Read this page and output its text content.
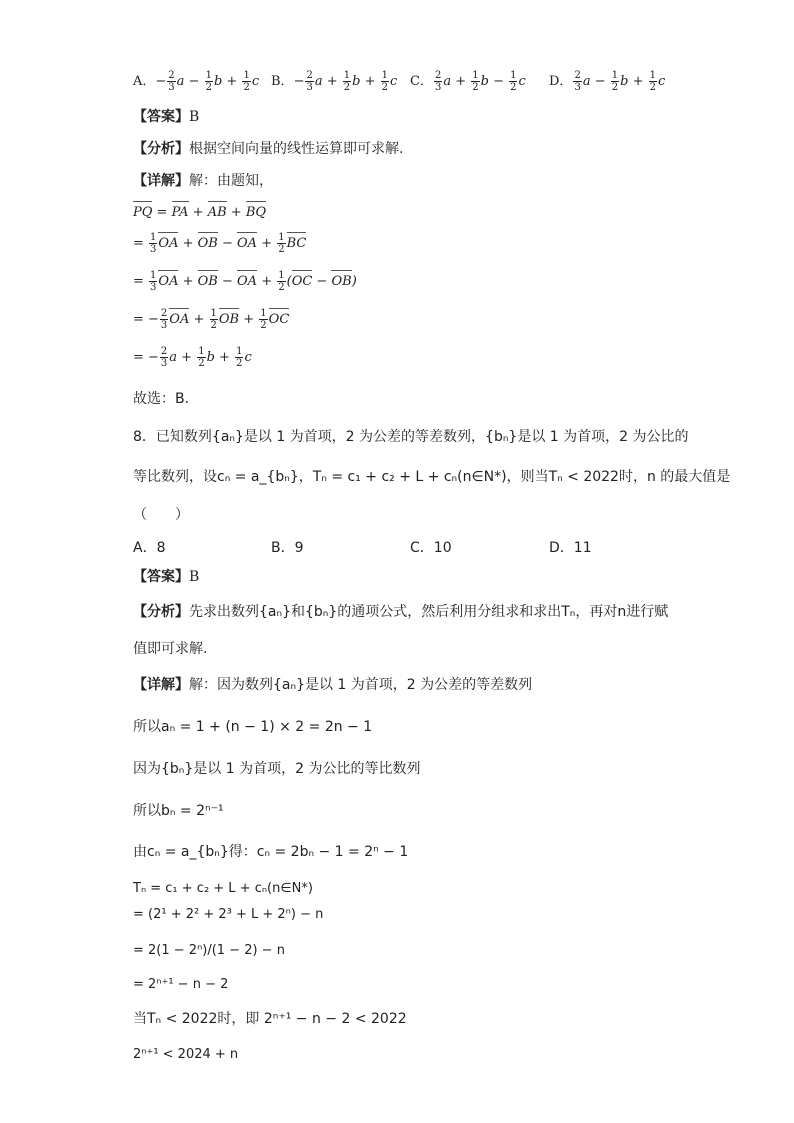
A．− $\frac{2}{3}$ $a - \frac{1}{2}$ $b + \frac{1}{2}$ c B．− $\frac{2}{3}$ $a + \frac{1}{2}$ $b + \frac{1}{2}$ c C． $\frac{2}{3}$ $a + \frac{1}{2}$ $b - \frac{1}{2}$ c D． $\frac{2}{3}$ $a - \frac{1}{2}$ $b + \frac{1}{2}$ c
【答案】B
【分析】根据空间向量的线性运算即可求解.
【详解】解：由题知，
PQ = PA + AB + BQ
= $\frac{1}{3}$ OA + OB − OA + $\frac{1}{2}$ BC
= $\frac{1}{3}$ OA + OB − OA + $\frac{1}{2} (OC - OB)$
= − $\frac{2}{3}$ OA + $\frac{1}{2}$ OB + $\frac{1}{2}$ OC
= − $\frac{2}{3}$ $a + \frac{1}{2}$ $b + \frac{1}{2}$ c
故选：B.
8．已知数列{aₙ}是以 1 为首项，2 为公差的等差数列，{bₙ}是以 1 为首项，2 为公比的
等比数列，设cₙ = a_{bₙ}，Tₙ = c₁ + c₂ + L + cₙ(n∈N*)，则当Tₙ < 2022时，n 的最大值是
（　　）
A．8	B．9	C．10	D．11
【答案】B
【分析】先求出数列{aₙ}和{bₙ}的通项公式，然后利用分组求和求出Tₙ，再对n进行赋
值即可求解.
【详解】解：因为数列{aₙ}是以 1 为首项，2 为公差的等差数列
所以aₙ = 1 + (n − 1) × 2 = 2n − 1
因为{bₙ}是以 1 为首项，2 为公比的等比数列
所以bₙ = 2ⁿ⁻¹
由cₙ = a_{bₙ}得：cₙ = 2bₙ − 1 = 2ⁿ − 1
Tₙ = c₁ + c₂ + L + cₙ(n∈N*)
= (2¹ + 2² + 2³ + L + 2ⁿ) − n
= 2(1 − 2ⁿ)/(1 − 2) − n
= 2ⁿ⁺¹ − n − 2
当Tₙ < 2022时，即 2ⁿ⁺¹ − n − 2 < 2022
2ⁿ⁺¹ < 2024 + n
